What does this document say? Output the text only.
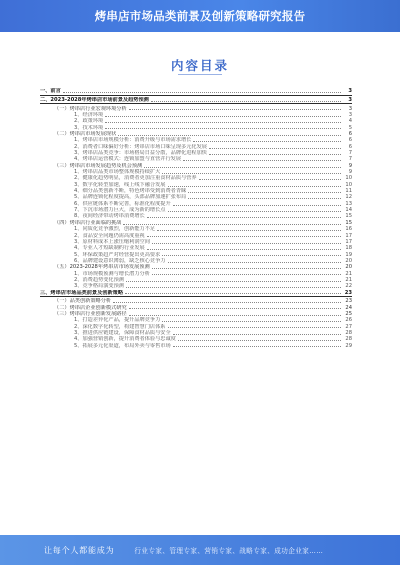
烤串店市场品类前景及创新策略研究报告
内容目录
一、前言	3
二、2023-2028年烤串店市场前景及趋势预测	3
（一）烤串店行业宏观环境分析	3
1、经济环境	3
2、政策环境	4
3、技术环境	5
（二）烤串店市场发展现状	6
1、烤串店市场规模分析：消费升级与市场需求增长	6
2、消费者口味偏好分析：烤串店市场口味呈现多元化发展	6
3、烤串店品类竞争：市场格局日益分散，品牌化进程加快	7
4、烤串店运营模式：连锁加盟与直营并行发展	7
（三）烤串店市场发展趋势及机会预测	9
1、烤串店品类市场整体规模持续扩大	9
2、健康化趋势明显，消费者更加注重食材品质与营养	10
3、数字化转型加速，线上线下融合发展	10
4、细分品类创新不断，特色烤串受到消费者青睐	11
5、品牌连锁化程度提高，头部品牌加速扩张布局	12
6、供应链体系不断完善，标准化程度提升	13
7、下沉市场潜力巨大，成为新的增长点	14
8、夜间经济带动烤串消费增长	15
（四）烤串店行业面临的挑战	15
1、同质化竞争激烈，创新能力不足	16
2、食品安全问题仍需高度重视	17
3、原材料成本上涨压缩利润空间	17
4、专业人才短缺制约行业发展	18
5、环保政策趋严对经营提出更高要求	19
6、品牌建设意识薄弱，缺乏核心竞争力	20
（五）2023-2028年烤串店市场发展预测	20
1、市场规模预测与增长潜力分析	21
2、消费趋势变化预测	21
3、竞争格局演变预测	22
三、烤串店市场品类前景及创新策略	23
（一）品类创新策略分析	23
（二）烤串店企业创新模式研究	24
（三）烤串店行业创新发展路径	25
1、打造差异化产品，提升品牌竞争力	26
2、深化数字化转型，构建智慧门店体系	27
3、推进供应链建设，保障食材品质与安全	28
4、加强营销创新，提升消费者体验与忠诚度	28
5、拓展多元化渠道，布局外卖与零售市场	29
让每个人都能成为	行业专家、管理专家、营销专家、战略专家、成功企业家……
